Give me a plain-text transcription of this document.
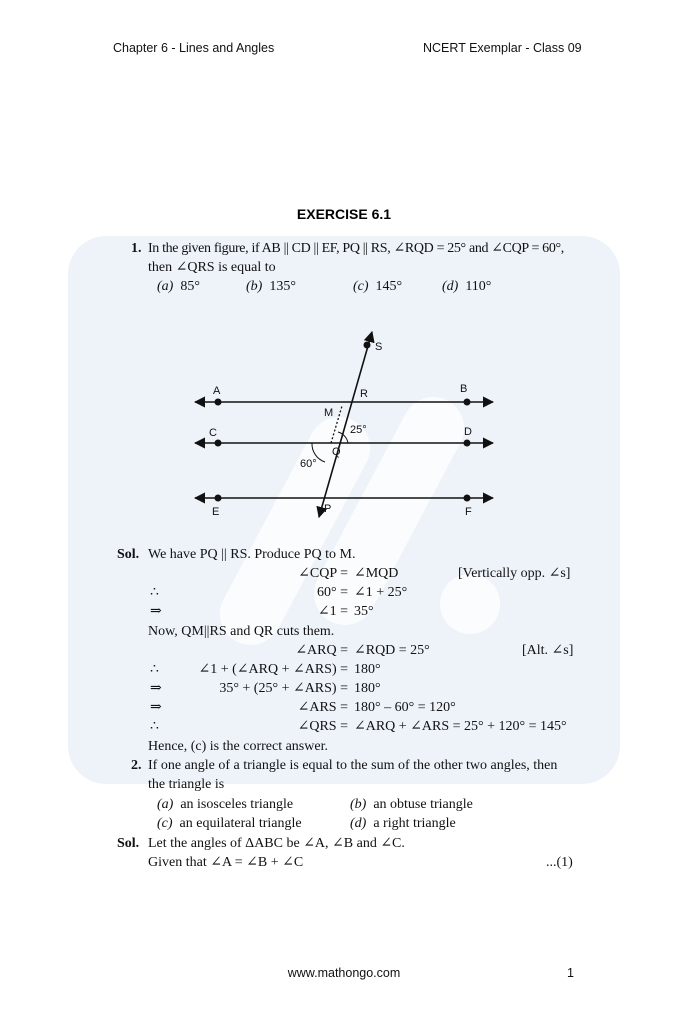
Chapter 6 - Lines and Angles	NCERT Exemplar - Class 09
EXERCISE 6.1
1. In the given figure, if AB || CD || EF, PQ || RS, ∠RQD = 25° and ∠CQP = 60°,
then ∠QRS is equal to
(a) 85°	(b) 135°	(c) 145°	(d) 110°
S
A	R	B
M
C	25°	D
Q
60°
E	P	F
Sol. We have PQ || RS. Produce PQ to M.
∠CQP = ∠MQD	[Vertically opp. ∠s]
∴	60° = ∠1 + 25°
⇒	∠1 = 35°
Now, QM||RS and QR cuts them.
∠ARQ = ∠RQD = 25°	[Alt. ∠s]
∴	∠1 + (∠ARQ + ∠ARS) = 180°
⇒	35° + (25° + ∠ARS) = 180°
⇒	∠ARS = 180° – 60° = 120°
∴	∠QRS = ∠ARQ + ∠ARS = 25° + 120° = 145°
Hence, (c) is the correct answer.
2. If one angle of a triangle is equal to the sum of the other two angles, then
the triangle is
(a) an isosceles triangle	(b) an obtuse triangle
(c) an equilateral triangle	(d) a right triangle
Sol. Let the angles of ΔABC be ∠A, ∠B and ∠C.
Given that ∠A = ∠B + ∠C	...(1)
www.mathongo.com	1
